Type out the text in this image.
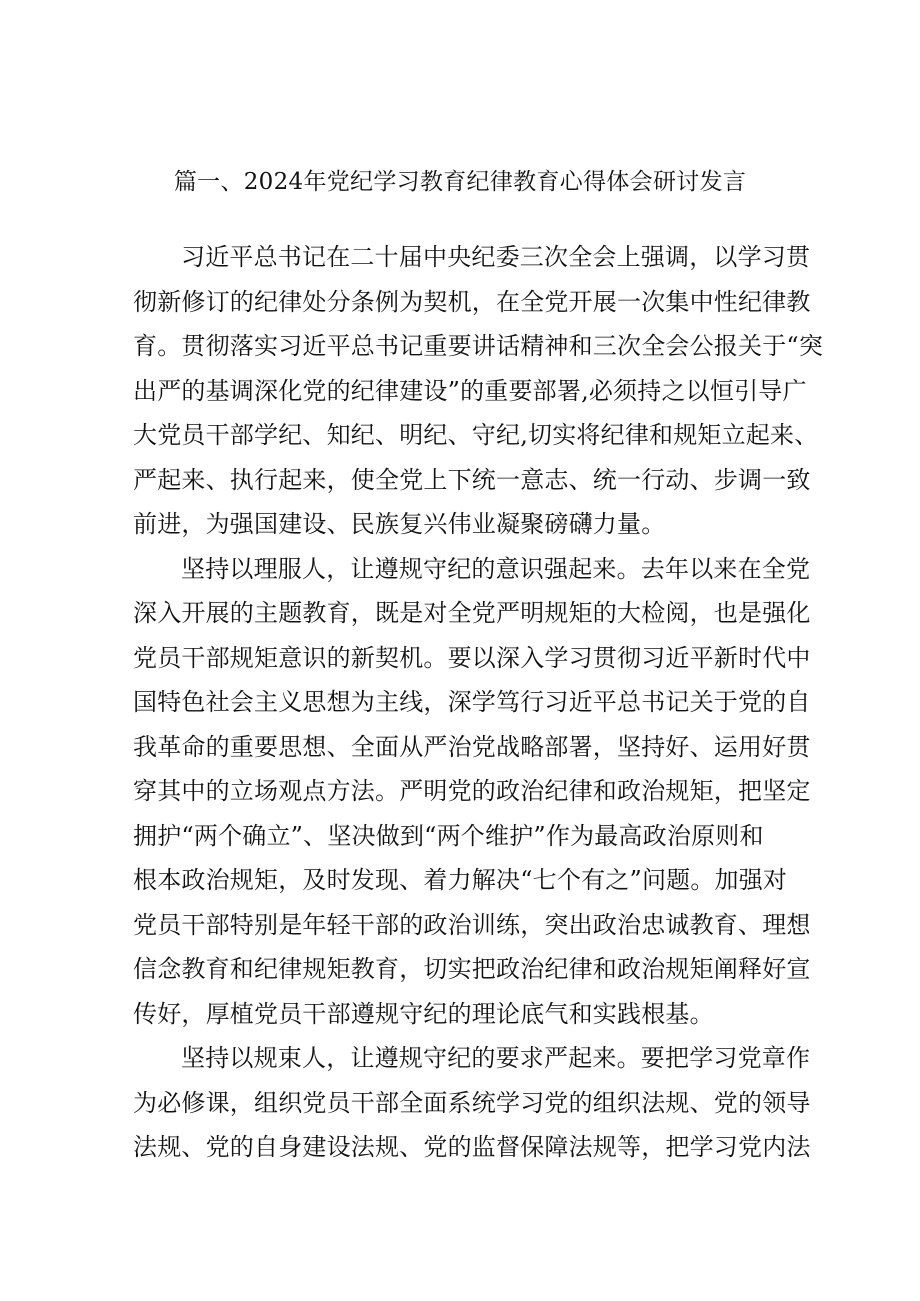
篇一、2024年党纪学习教育纪律教育心得体会研讨发言
习近平总书记在二十届中央纪委三次全会上强调，以学习贯
彻新修订的纪律处分条例为契机，在全党开展一次集中性纪律教
育。贯彻落实习近平总书记重要讲话精神和三次全会公报关于“突
出严的基调深化党的纪律建设”的重要部署,必须持之以恒引导广
大党员干部学纪、知纪、明纪、守纪,切实将纪律和规矩立起来、
严起来、执行起来，使全党上下统一意志、统一行动、步调一致
前进，为强国建设、民族复兴伟业凝聚磅礴力量。
坚持以理服人，让遵规守纪的意识强起来。去年以来在全党
深入开展的主题教育，既是对全党严明规矩的大检阅，也是强化
党员干部规矩意识的新契机。要以深入学习贯彻习近平新时代中
国特色社会主义思想为主线，深学笃行习近平总书记关于党的自
我革命的重要思想、全面从严治党战略部署，坚持好、运用好贯
穿其中的立场观点方法。严明党的政治纪律和政治规矩，把坚定
拥护“两个确立”、坚决做到“两个维护”作为最高政治原则和
根本政治规矩，及时发现、着力解决“七个有之”问题。加强对
党员干部特别是年轻干部的政治训练，突出政治忠诚教育、理想
信念教育和纪律规矩教育，切实把政治纪律和政治规矩阐释好宣
传好，厚植党员干部遵规守纪的理论底气和实践根基。
坚持以规束人，让遵规守纪的要求严起来。要把学习党章作
为必修课，组织党员干部全面系统学习党的组织法规、党的领导
法规、党的自身建设法规、党的监督保障法规等，把学习党内法
